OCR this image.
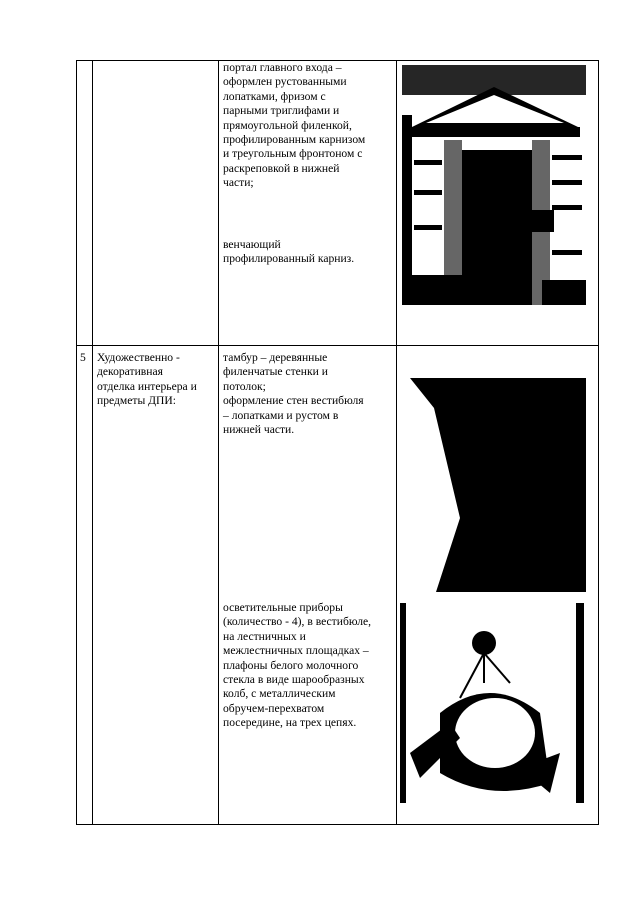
портал главного входа –
оформлен рустованными
лопатками, фризом с
парными триглифами и
прямоугольной филенкой,
профилированным карнизом
и треугольным фронтоном с
раскреповкой в нижней
части;
венчающий
профилированный карниз.
5 Художественно -
декоративная
отделка интерьера и
предметы ДПИ:
тамбур – деревянные
филенчатые стенки и
потолок;
оформление стен вестибюля
– лопатками и рустом в
нижней части.
осветительные приборы
(количество - 4), в вестибюле,
на лестничных и
межлестничных площадках –
плафоны белого молочного
стекла в виде шарообразных
колб, с металлическим
обручем-перехватом
посередине, на трех цепях.
